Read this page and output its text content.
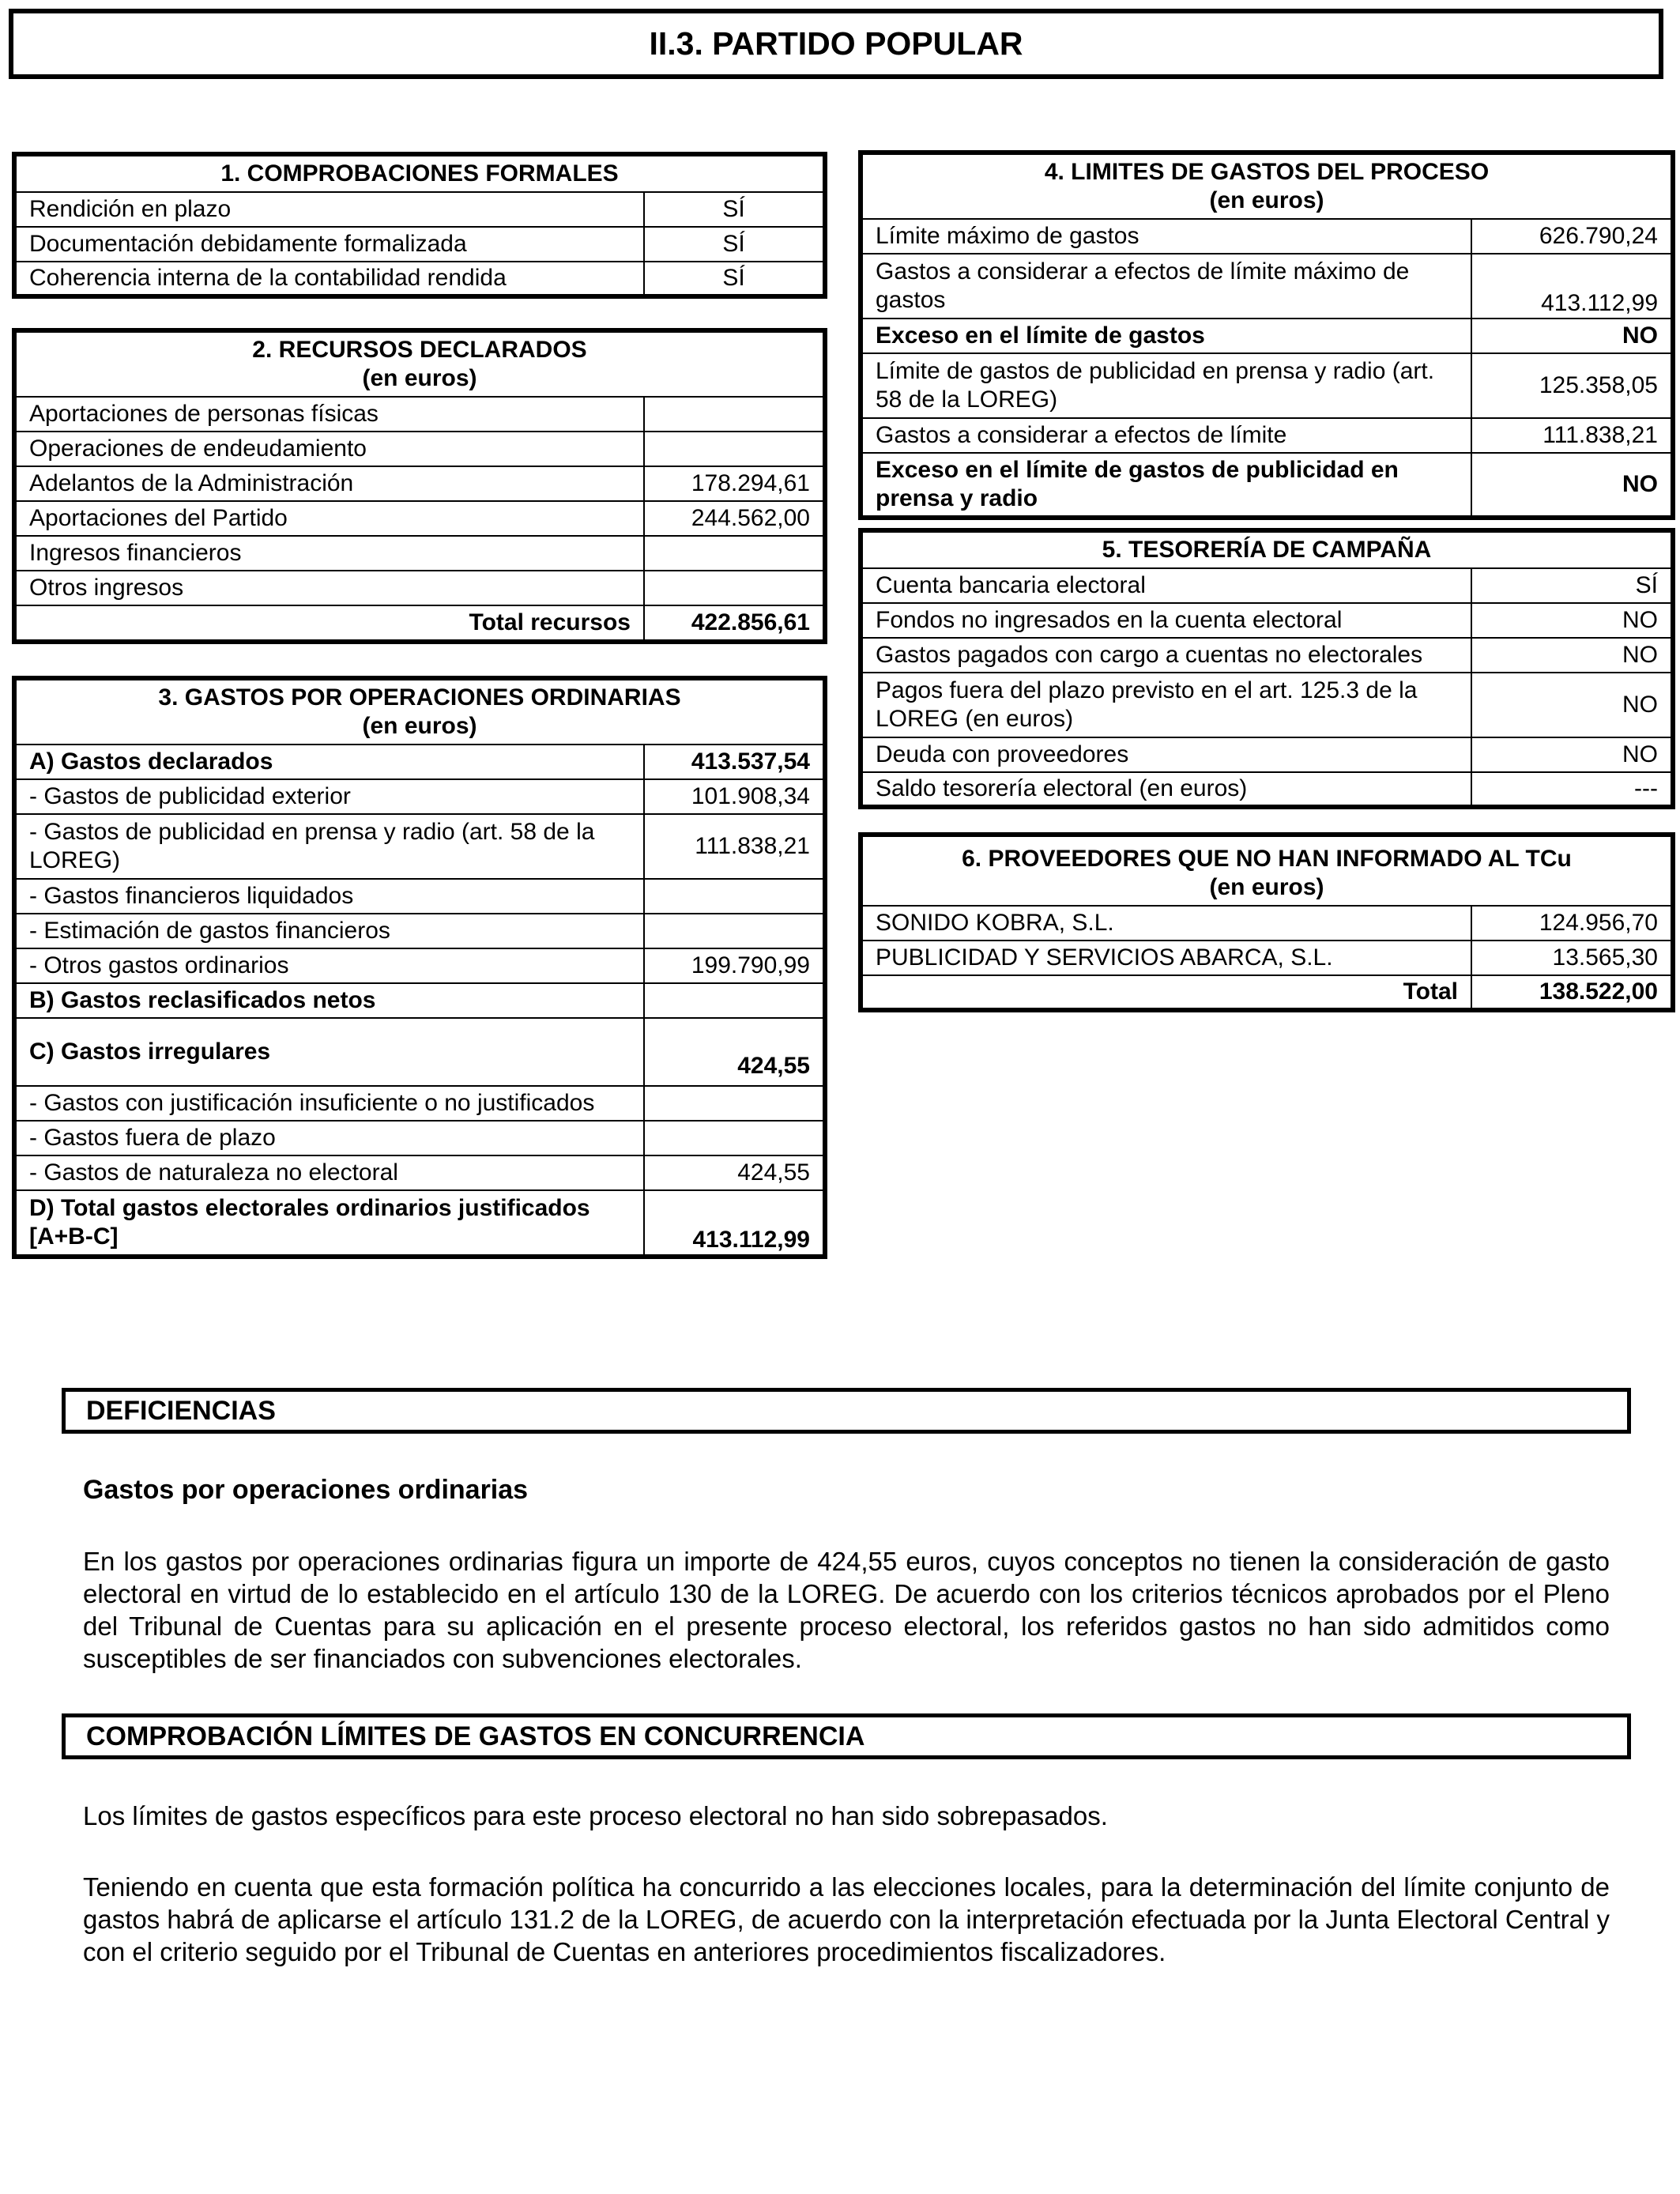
II.3. PARTIDO POPULAR
1. COMPROBACIONES FORMALES	
Rendición en plazo	SÍ
Documentación debidamente formalizada	SÍ
Coherencia interna de la contabilidad rendida	SÍ
2. RECURSOS DECLARADOS
(en euros)	
Aportaciones de personas físicas	
Operaciones de endeudamiento	
Adelantos de la Administración	178.294,61
Aportaciones del Partido	244.562,00
Ingresos financieros	
Otros ingresos	
Total recursos	422.856,61
3. GASTOS POR OPERACIONES ORDINARIAS
(en euros)	
A) Gastos declarados	413.537,54
- Gastos de publicidad exterior	101.908,34
- Gastos de publicidad en prensa y radio (art. 58 de la LOREG)	111.838,21
- Gastos financieros liquidados	
- Estimación de gastos financieros	
- Otros gastos ordinarios	199.790,99
B) Gastos reclasificados netos	
C) Gastos irregulares	424,55
- Gastos con justificación insuficiente o no justificados	
- Gastos fuera de plazo	
- Gastos de naturaleza no electoral	424,55
D) Total gastos electorales ordinarios justificados [A+B-C]	413.112,99
4. LIMITES DE GASTOS DEL PROCESO
(en euros)	
Límite máximo de gastos	626.790,24
Gastos a considerar a efectos de límite máximo de gastos	413.112,99
Exceso en el límite de gastos	NO
Límite de gastos de publicidad en prensa y radio (art. 58 de la LOREG)	125.358,05
Gastos a considerar a efectos de límite	111.838,21
Exceso en el límite de gastos de publicidad en prensa y radio	NO
5. TESORERÍA DE CAMPAÑA	
Cuenta bancaria electoral	SÍ
Fondos no ingresados en la cuenta electoral	NO
Gastos pagados con cargo a cuentas no electorales	NO
Pagos fuera del plazo previsto en el art. 125.3 de la LOREG (en euros)	NO
Deuda con proveedores	NO
Saldo tesorería electoral (en euros)	---
6. PROVEEDORES QUE NO HAN INFORMADO AL TCu
(en euros)	
SONIDO KOBRA, S.L.	124.956,70
PUBLICIDAD Y SERVICIOS ABARCA, S.L.	13.565,30
Total	138.522,00
DEFICIENCIAS
Gastos por operaciones ordinarias
En los gastos por operaciones ordinarias figura un importe de 424,55 euros, cuyos conceptos no tienen la consideración de gasto electoral en virtud de lo establecido en el artículo 130 de la LOREG. De acuerdo con los criterios técnicos aprobados por el Pleno del Tribunal de Cuentas para su aplicación en el presente proceso electoral, los referidos gastos no han sido admitidos como susceptibles de ser financiados con subvenciones electorales.
COMPROBACIÓN LÍMITES DE GASTOS EN CONCURRENCIA
Los límites de gastos específicos para este proceso electoral no han sido sobrepasados.
Teniendo en cuenta que esta formación política ha concurrido a las elecciones locales, para la determinación del límite conjunto de gastos habrá de aplicarse el artículo 131.2 de la LOREG, de acuerdo con la interpretación efectuada por la Junta Electoral Central y con el criterio seguido por el Tribunal de Cuentas en anteriores procedimientos fiscalizadores.
